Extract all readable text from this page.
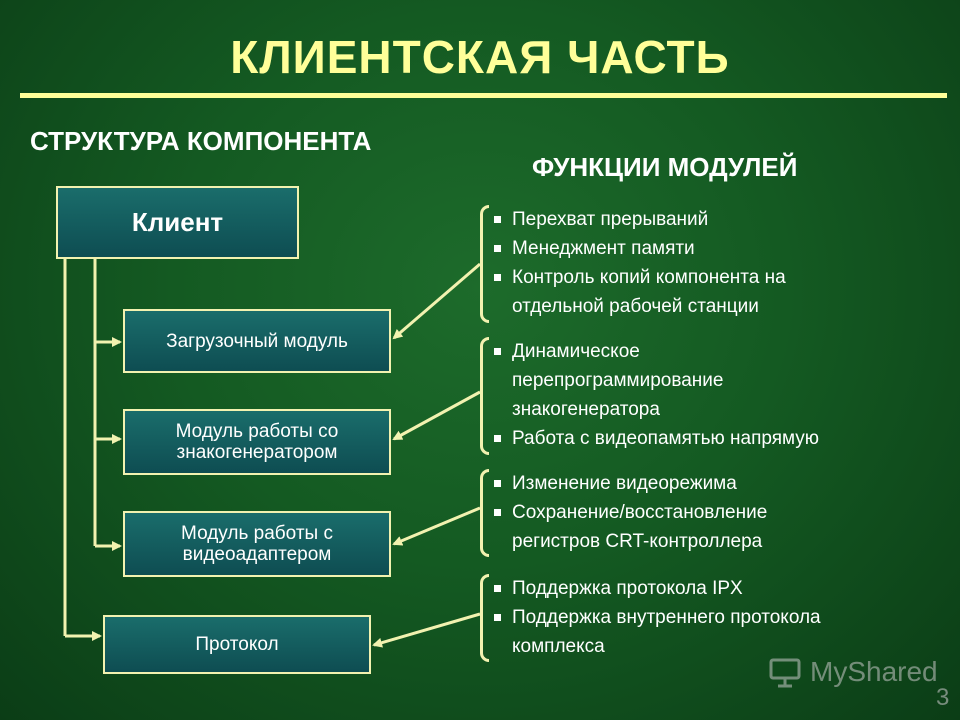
КЛИЕНТСКАЯ ЧАСТЬ
СТРУКТУРА КОМПОНЕНТА
ФУНКЦИИ МОДУЛЕЙ
Клиент
Загрузочный модуль
Модуль работы со знакогенератором
Модуль работы с видеоадаптером
Протокол
Перехват прерываний
Менеджмент памяти
Контроль копий компонента на отдельной рабочей станции
Динамическое перепрограммирование знакогенератора
Работа с видеопамятью напрямую
Изменение видеорежима
Сохранение/восстановление регистров CRT-контроллера
Поддержка протокола IPX
Поддержка внутреннего протокола комплекса
MyShared
3
